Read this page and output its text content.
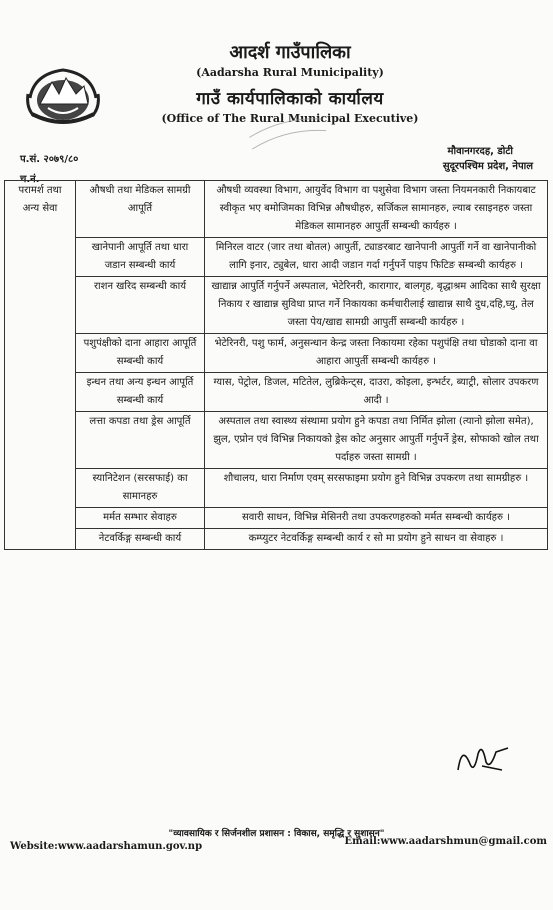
आदर्श गाउँपालिका
(Aadarsha Rural Municipality)
गाउँ कार्यपालिकाको कार्यालय
(Office of The Rural Municipal Executive)
प.सं. २०७९/८०
च.नं.
मौवानगरदह, डोटी
सुदूरपश्चिम प्रदेश, नेपाल
परामर्श तथा अन्य सेवा	औषधी तथा मेडिकल सामग्री आपूर्ति	औषधी व्यवस्था विभाग, आयुर्वेद विभाग वा पशुसेवा विभाग जस्ता नियमनकारी निकायबाट स्वीकृत भए बमोजिमका विभिन्न औषधीहरु, सर्जिकल सामानहरु, ल्याब रसाइनहरु जस्ता मेडिकल सामानहरु आपुर्ती सम्बन्धी कार्यहरु ।
	खानेपानी आपूर्ति तथा धारा जडान सम्बन्धी कार्य	मिनिरल वाटर (जार तथा बोतल) आपुर्ती, ट्याङरबाट खानेपानी आपुर्ती गर्ने वा खानेपानीको लागि इनार, ट्युबेल, धारा आदी जडान गर्दा गर्नुपर्ने पाइप फिटिङ सम्बन्धी कार्यहरु ।
	राशन खरिद सम्बन्धी कार्य	खाद्यान्न आपुर्ति गर्नुपर्ने अस्पताल, भेटेरिनरी, कारागार, बालगृह, बृद्धाश्रम आदिका साथै सुरक्षा निकाय र खाद्यान्न सुविधा प्राप्त गर्ने निकायका कर्मचारीलाई खाद्यान्न साथै दुध,दहि,घ्यु, तेल जस्ता पेय/खाद्य सामग्री आपुर्ती सम्बन्धी कार्यहरु ।
	पशुपंक्षीको दाना आहारा आपूर्ति सम्बन्धी कार्य	भेटेरिनरी, पशु फार्म, अनुसन्धान केन्द्र जस्ता निकायमा रहेका पशुपंक्षि तथा घोडाको दाना वा आहारा आपुर्ती सम्बन्धी कार्यहरु ।
	इन्धन तथा अन्य इन्धन आपूर्ति सम्बन्धी कार्य	ग्यास, पेट्रोल, डिजल, मटितेल, लुब्रिकेन्ट्स, दाउरा, कोइला, इन्भर्टर, ब्याट्री, सोलार उपकरण आदी ।
	लत्ता कपडा तथा ड्रेस आपूर्ति	अस्पताल तथा स्वास्थ्य संस्थामा प्रयोग हुने कपडा तथा निर्मित झोला (त्यानो झोला समेत), झुल, एप्रोन एवं विभिन्न निकायको ड्रेस कोट अनुसार आपुर्ती गर्नुपर्ने ड्रेस, सोफाको खोल तथा पर्दाहरु जस्ता सामग्री ।
	स्यानिटेशन (सरसफाई) का सामानहरु	शौचालय, धारा निर्माण एवम् सरसफाइमा प्रयोग हुने विभिन्न उपकरण तथा सामग्रीहरु ।
	मर्मत सम्भार सेवाहरु	सवारी साधन, विभिन्न मेसिनरी तथा उपकरणहरुको मर्मत सम्बन्धी कार्यहरु ।
	नेटवर्किङ्ग सम्बन्धी कार्य	कम्प्युटर नेटवर्किङ्ग सम्बन्धी कार्य र सो मा प्रयोग हुने साधन वा सेवाहरु ।
"व्यावसायिक र सिर्जनशील प्रशासन : विकास, समृद्धि र सुशासन"
Website:www.aadarshamun.gov.np	Email:www.aadarshmun@gmail.com
